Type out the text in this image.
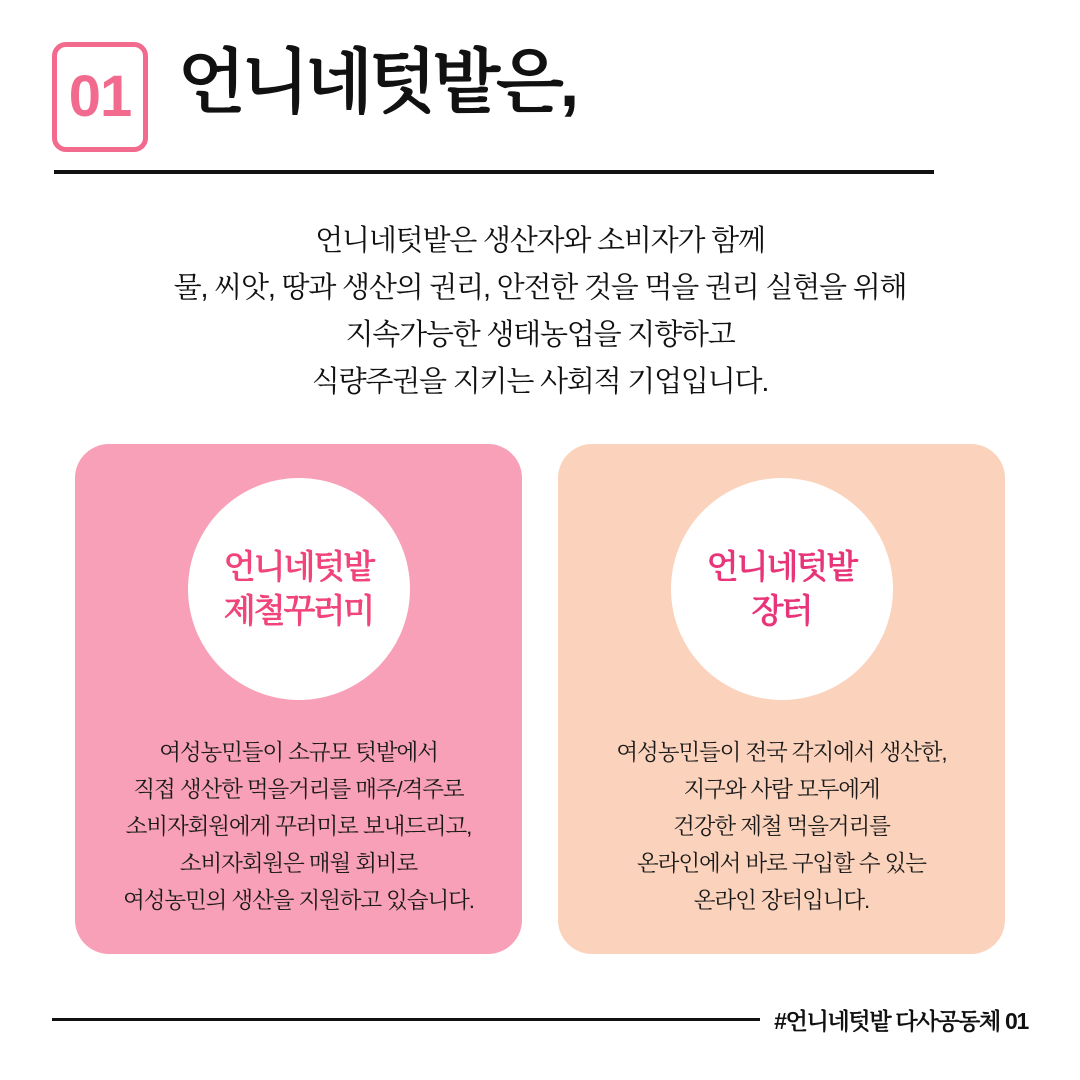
01 언니네텃밭은,
언니네텃밭은 생산자와 소비자가 함께
물, 씨앗, 땅과 생산의 권리, 안전한 것을 먹을 권리 실현을 위해
지속가능한 생태농업을 지향하고
식량주권을 지키는 사회적 기업입니다.
언니네텃밭
제철꾸러미
여성농민들이 소규모 텃밭에서
직접 생산한 먹을거리를 매주/격주로
소비자회원에게 꾸러미로 보내드리고,
소비자회원은 매월 회비로
여성농민의 생산을 지원하고 있습니다.
언니네텃밭
장터
여성농민들이 전국 각지에서 생산한,
지구와 사람 모두에게
건강한 제철 먹을거리를
온라인에서 바로 구입할 수 있는
온라인 장터입니다.
#언니네텃밭 다사공동체 01
